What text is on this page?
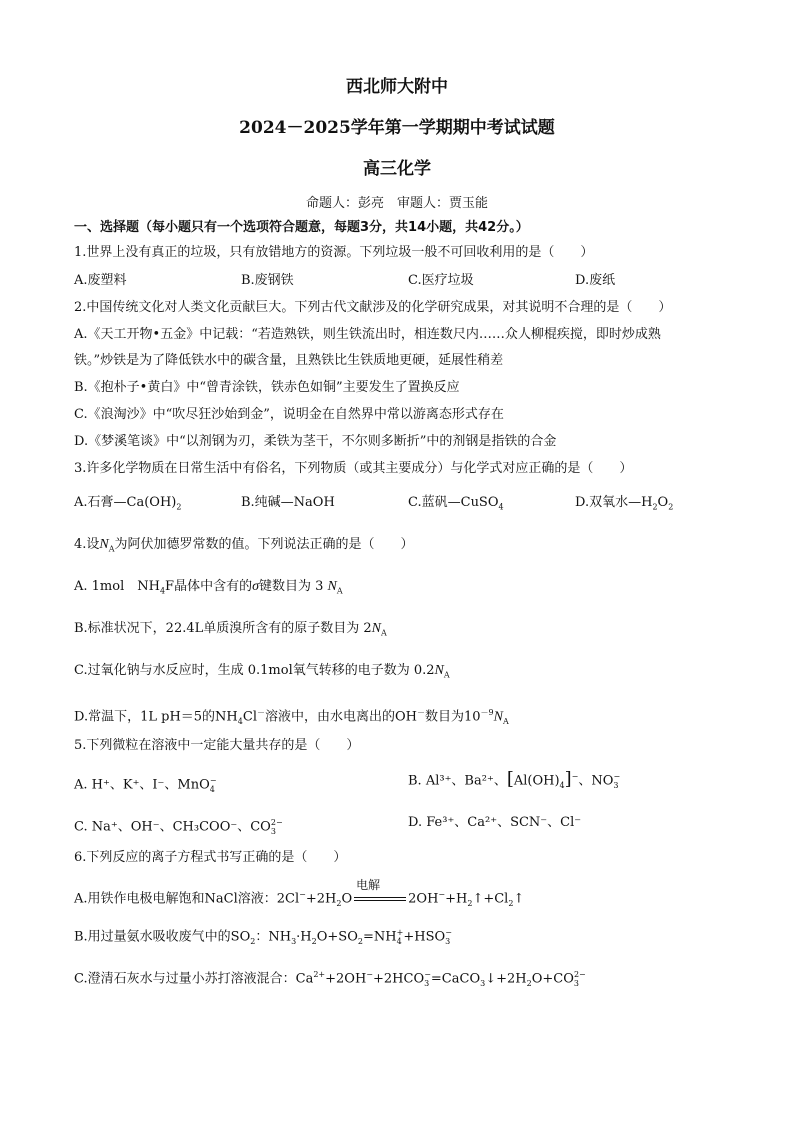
西北师大附中
2024－2025学年第一学期期中考试试题
高三化学
命题人：彭亮　审题人：贾玉能
一、选择题（每小题只有一个选项符合题意，每题3分，共14小题，共42分。）
1.世界上没有真正的垃圾，只有放错地方的资源。下列垃圾一般不可回收利用的是（　　）
A.废塑料	B.废钢铁	C.医疗垃圾	D.废纸
2.中国传统文化对人类文化贡献巨大。下列古代文献涉及的化学研究成果，对其说明不合理的是（　　）
A.《天工开物•五金》中记载：“若造熟铁，则生铁流出时，相连数尺内……众人柳棍疾搅，即时炒成熟
铁。”炒铁是为了降低铁水中的碳含量，且熟铁比生铁质地更硬，延展性稍差
B.《抱朴子•黄白》中“曾青涂铁，铁赤色如铜”主要发生了置换反应
C.《浪淘沙》中“吹尽狂沙始到金”，说明金在自然界中常以游离态形式存在
D.《梦溪笔谈》中“以剂钢为刃，柔铁为茎干，不尔则多断折”中的剂钢是指铁的合金
3.许多化学物质在日常生活中有俗名，下列物质（或其主要成分）与化学式对应正确的是（　　）
A.石膏$—Ca(OH)_2$	B.纯碱—NaOH	C.蓝矾—CuSO$_4$	D.双氧水$—H_2O_2$
4.设$N_A$为阿伏加德罗常数的值。下列说法正确的是（　　）
A. 1mol　$NH_4F$晶体中含有的σ键数目为 3 $N_A$
B.标准状况下，22.4L单质溴所含有的原子数目为 $2N_A$
C.过氧化钠与水反应时，生成 0.1mol氧气转移的电子数为 $0.2N_A$
D.常温下，1L pH＝5的$NH_4Cl^-$溶液中，由水电离出的OH－数目为$10^{-9}N_A$
5.下列微粒在溶液中一定能大量共存的是（　　）
A. H⁺、K⁺、I⁻、MnO$_4$−	B. Al³⁺、Ba²⁺、$[Al(OH)_4]^-$、$NO_3^-$
C. Na⁺、OH⁻、CH₃COO⁻、$CO_3^{2-}$	D. Fe³⁺、Ca²⁺、SCN⁻、Cl⁻
6.下列反应的离子方程式书写正确的是（　　）
A.用铁作电极电解饱和NaCl溶液：$2Cl^-+2H_2O$
电解
$2OH^-+H_2↑+Cl_2↑$
B.用过量氨水吸收废气中的$SO_2$：$NH_3\cdot H_2O+SO_2=NH_4^++HSO_3^-$
C.澄清石灰水与过量小苏打溶液混合：$Ca^{2+}+2OH^-+2HCO_3^-=CaCO_3↓+2H_2O+CO_3^{2-}$
